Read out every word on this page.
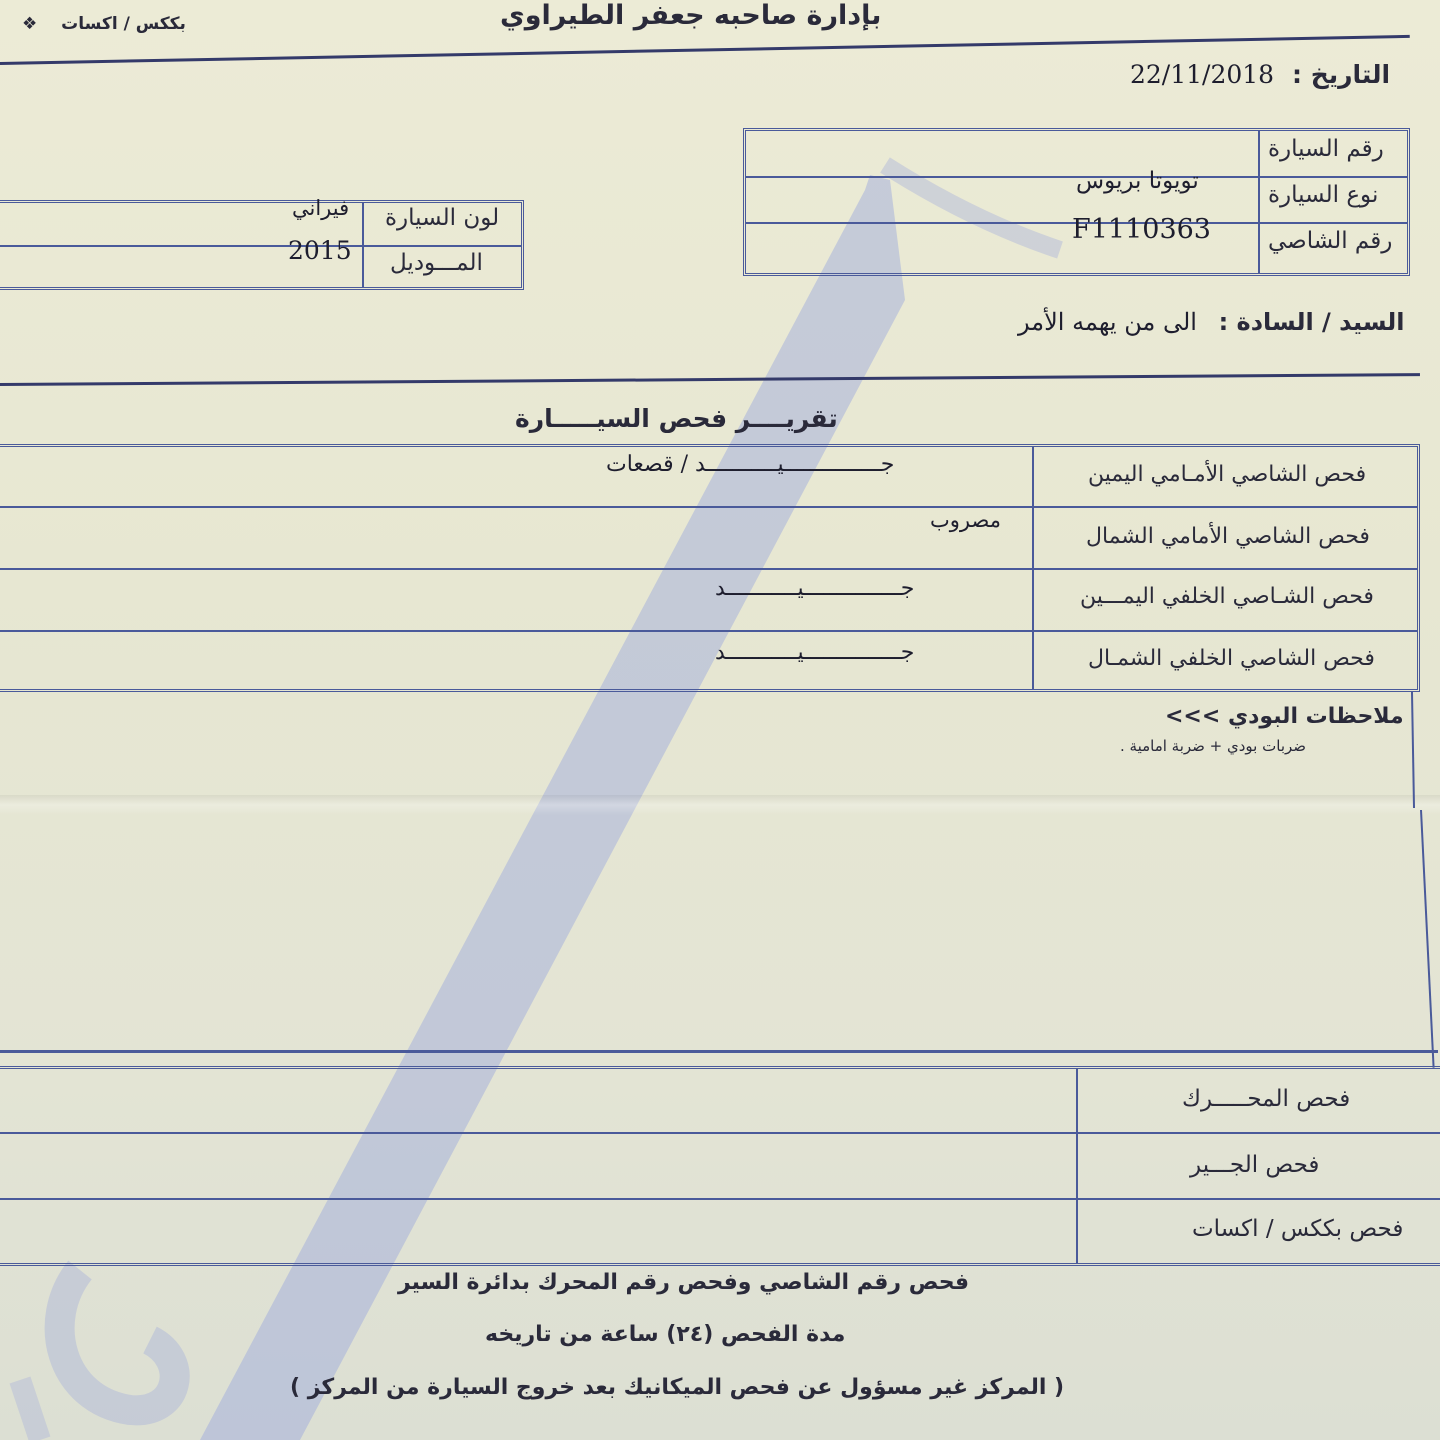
بككس / اكسات ❖	بإدارة صاحبه جعفر الطيراوي
التاريخ : 22/11/2018
رقم السيارة
نوع السيارة
تويوتا بريوس
رقم الشاصي
F1110363
لون السيارة
فيراني
المـــوديل
2015
السيد / السادة : الى من يهمه الأمر
تقريــــر فحص السيـــــارة
فحص الشاصي الأمـامي اليمين
جـــــــــــــــيـــــــــــد / قصعات
فحص الشاصي الأمامي الشمال
مصروب
فحص الشـاصي الخلفي اليمـــين
جـــــــــــــــيـــــــــــد
فحص الشاصي الخلفي الشمـال
جـــــــــــــــيـــــــــــد
ملاحظات البودي >>>
ضربات بودي + ضربة امامية .
فحص المحـــــرك
فحص الجـــير
فحص بككس / اكسات
فحص رقم الشاصي وفحص رقم المحرك بدائرة السير
مدة الفحص (٢٤) ساعة من تاريخه
( المركز غير مسؤول عن فحص الميكانيك بعد خروج السيارة من المركز )
